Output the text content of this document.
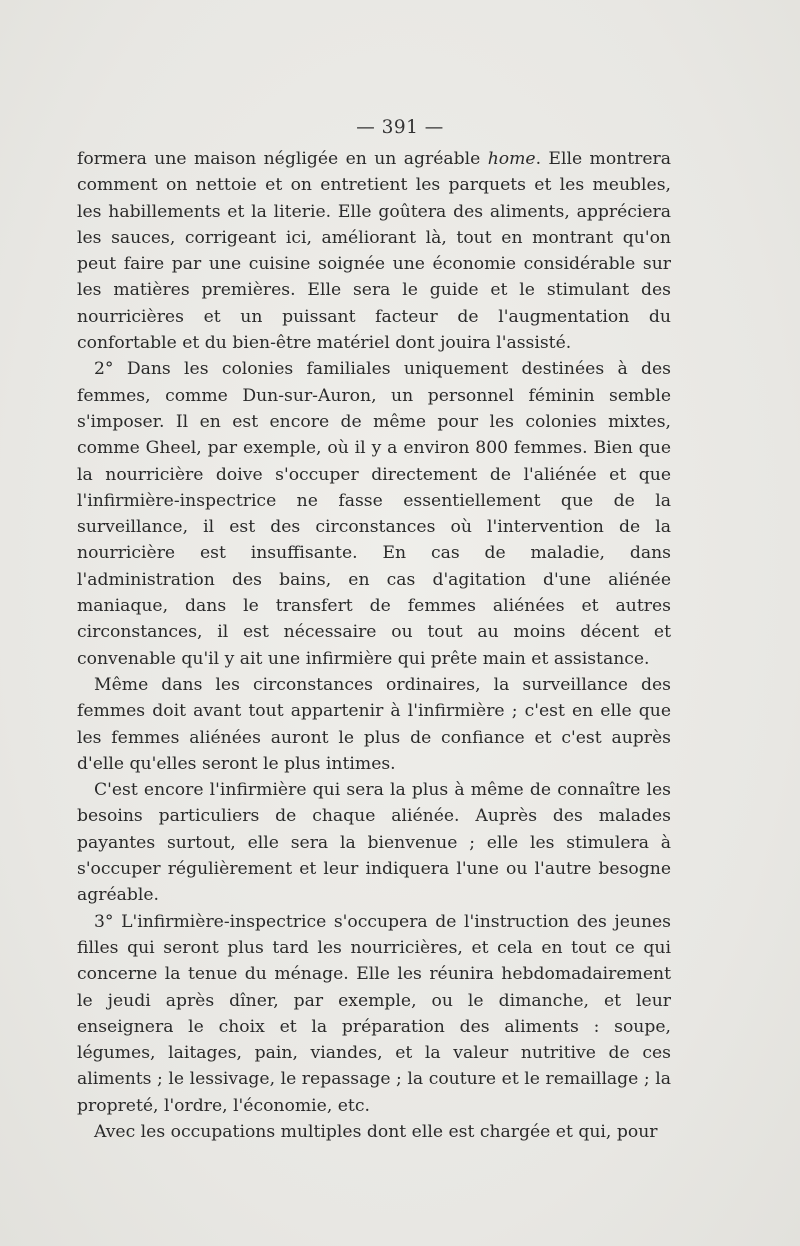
— 391 —

formera une maison négligée en un agréable home. Elle montrera comment on nettoie et on entretient les parquets et les meubles, les habillements et la literie. Elle goûtera des aliments, appréciera les sauces, corrigeant ici, améliorant là, tout en montrant qu'on peut faire par une cuisine soignée une économie considérable sur les matières premières. Elle sera le guide et le stimulant des nourricières et un puissant facteur de l'augmentation du confortable et du bien-être matériel dont jouira l'assisté.

2° Dans les colonies familiales uniquement destinées à des femmes, comme Dun-sur-Auron, un personnel féminin semble s'imposer. Il en est encore de même pour les colonies mixtes, comme Gheel, par exemple, où il y a environ 800 femmes. Bien que la nourricière doive s'occuper directement de l'aliénée et que l'infirmière-inspectrice ne fasse essentiellement que de la surveillance, il est des circonstances où l'intervention de la nourricière est insuffisante. En cas de maladie, dans l'administration des bains, en cas d'agitation d'une aliénée maniaque, dans le transfert de femmes aliénées et autres circonstances, il est nécessaire ou tout au moins décent et convenable qu'il y ait une infirmière qui prête main et assistance.

Même dans les circonstances ordinaires, la surveillance des femmes doit avant tout appartenir à l'infirmière ; c'est en elle que les femmes aliénées auront le plus de confiance et c'est auprès d'elle qu'elles seront le plus intimes.

C'est encore l'infirmière qui sera la plus à même de connaître les besoins particuliers de chaque aliénée. Auprès des malades payantes surtout, elle sera la bienvenue ; elle les stimulera à s'occuper régulièrement et leur indiquera l'une ou l'autre besogne agréable.

3° L'infirmière-inspectrice s'occupera de l'instruction des jeunes filles qui seront plus tard les nourricières, et cela en tout ce qui concerne la tenue du ménage. Elle les réunira hebdomadairement le jeudi après dîner, par exemple, ou le dimanche, et leur enseignera le choix et la préparation des aliments : soupe, légumes, laitages, pain, viandes, et la valeur nutritive de ces aliments ; le lessivage, le repassage ; la couture et le remaillage ; la propreté, l'ordre, l'économie, etc.

Avec les occupations multiples dont elle est chargée et qui, pour
